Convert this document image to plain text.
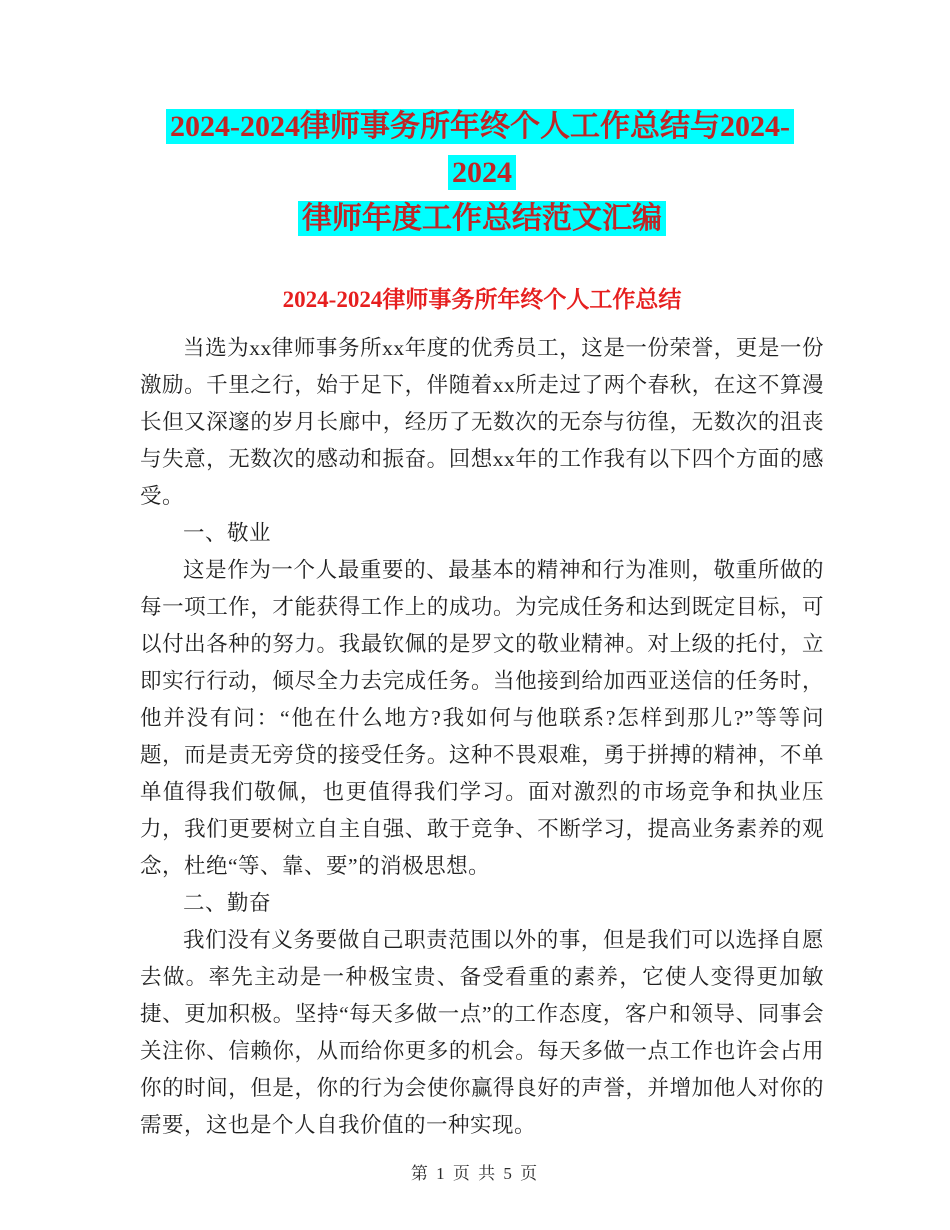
2024-2024律师事务所年终个人工作总结与2024-2024
律师年度工作总结范文汇编
2024-2024律师事务所年终个人工作总结

当选为xx律师事务所xx年度的优秀员工，这是一份荣誉，更是一份激励。千里之行，始于足下，伴随着xx所走过了两个春秋，在这不算漫长但又深邃的岁月长廊中，经历了无数次的无奈与彷徨，无数次的沮丧与失意，无数次的感动和振奋。回想xx年的工作我有以下四个方面的感受。

一、敬业

这是作为一个人最重要的、最基本的精神和行为准则，敬重所做的每一项工作，才能获得工作上的成功。为完成任务和达到既定目标，可以付出各种的努力。我最钦佩的是罗文的敬业精神。对上级的托付，立即实行行动，倾尽全力去完成任务。当他接到给加西亚送信的任务时，他并没有问：“他在什么地方?我如何与他联系?怎样到那儿?”等等问题，而是责无旁贷的接受任务。这种不畏艰难，勇于拼搏的精神，不单单值得我们敬佩，也更值得我们学习。面对激烈的市场竞争和执业压力，我们更要树立自主自强、敢于竞争、不断学习，提高业务素养的观念，杜绝“等、靠、要”的消极思想。

二、勤奋

我们没有义务要做自己职责范围以外的事，但是我们可以选择自愿去做。率先主动是一种极宝贵、备受看重的素养，它使人变得更加敏捷、更加积极。坚持“每天多做一点”的工作态度，客户和领导、同事会关注你、信赖你，从而给你更多的机会。每天多做一点工作也许会占用你的时间，但是，你的行为会使你赢得良好的声誉，并增加他人对你的需要，这也是个人自我价值的一种实现。

第 1 页 共 5 页
